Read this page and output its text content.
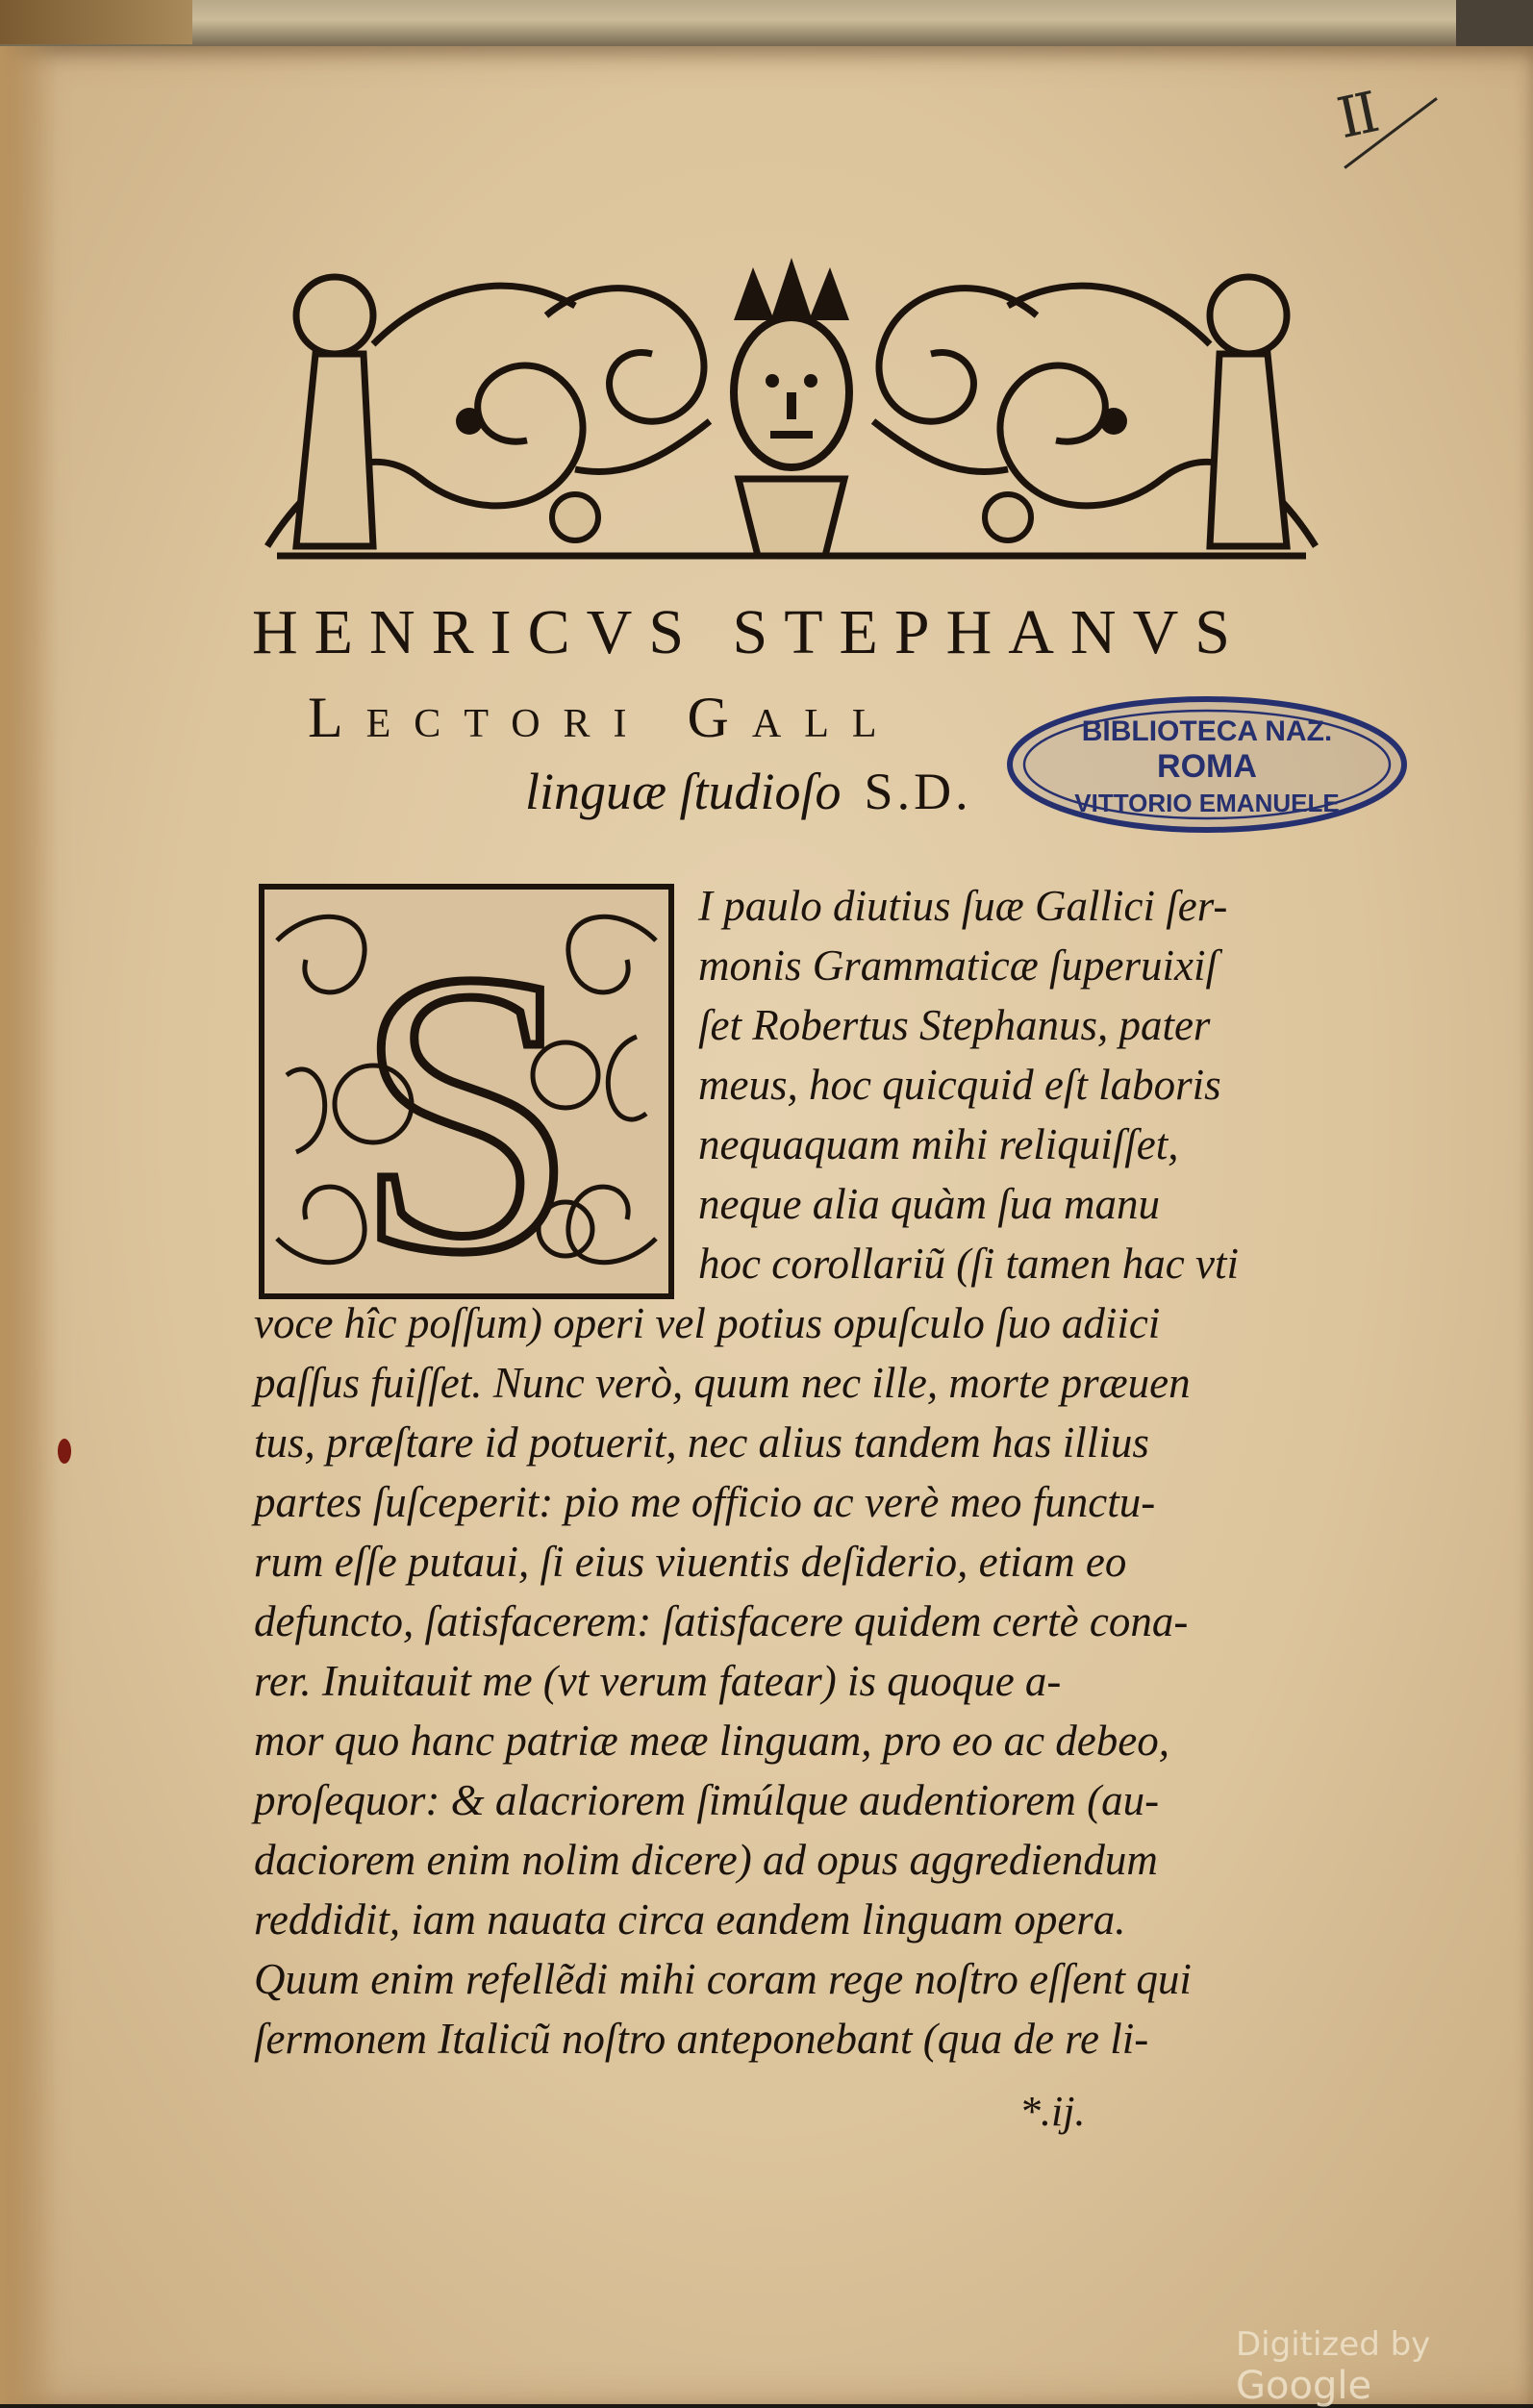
II
HENRICVS STEPHANVS
Lectori Gall
linguæ ſtudioſo S.D.
BIBLIOTECA NAZ.
ROMA
VITTORIO EMANUELE
S	I paulo diutius ſuæ Gallici ſer-
monis Grammaticæ ſuperuixiſ
ſet Robertus Stephanus, pater
meus, hoc quicquid eſt laboris
nequaquam mihi reliquiſſet,
neque alia quàm ſua manu
hoc corollariũ (ſi tamen hac vti
voce hîc poſſum) operi vel potius opuſculo ſuo adiici
paſſus fuiſſet. Nunc verò, quum nec ille, morte præuen
tus, præſtare id potuerit, nec alius tandem has illius
partes ſuſceperit: pio me officio ac verè meo functu-
rum eſſe putaui, ſi eius viuentis deſiderio, etiam eo
defuncto, ſatisfacerem: ſatisfacere quidem certè cona-
rer. Inuitauit me (vt verum fatear) is quoque a-
mor quo hanc patriæ meæ linguam, pro eo ac debeo,
proſequor: & alacriorem ſimúlque audentiorem (au-
daciorem enim nolim dicere) ad opus aggrediendum
reddidit, iam nauata circa eandem linguam opera.
Quum enim refellẽdi mihi coram rege noſtro eſſent qui
ſermonem Italicũ noſtro anteponebant (qua de re li-
*.ij.
Digitized by Google
